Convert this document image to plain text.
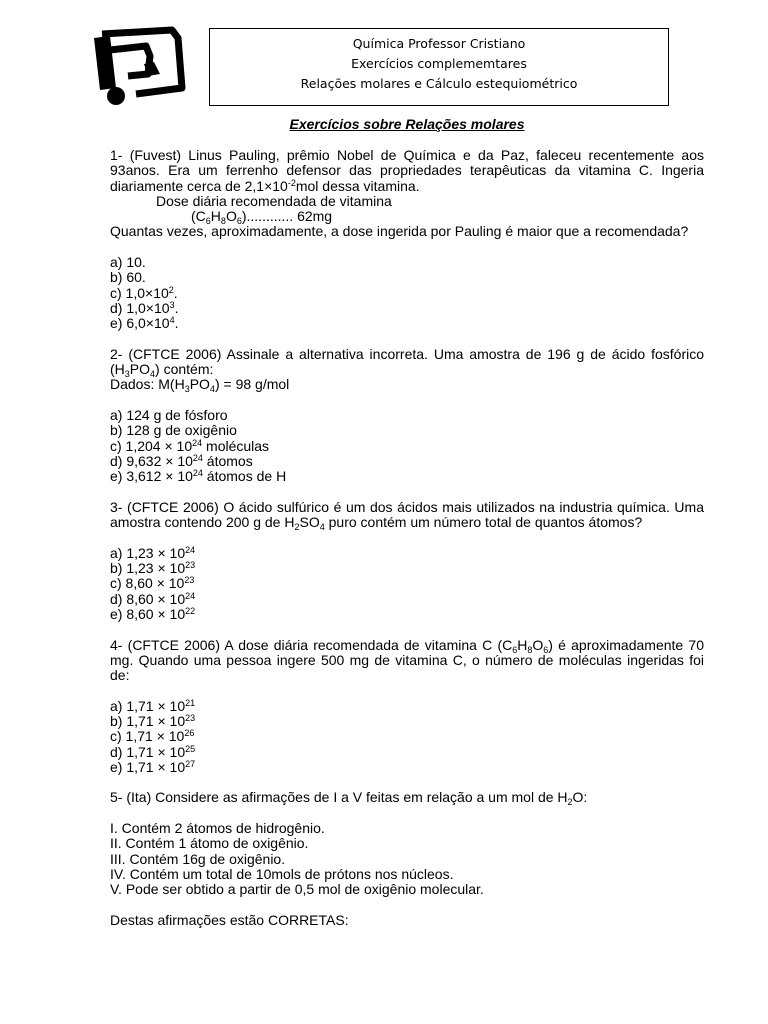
Química Professor Cristiano
Exercícios complememtares
Relações molares e Cálculo estequiométrico
Exercícios sobre Relações molares

1- (Fuvest) Linus Pauling, prêmio Nobel de Química e da Paz, faleceu recentemente aos 93anos. Era um ferrenho defensor das propriedades terapêuticas da vitamina C. Ingeria diariamente cerca de $2,1\times 10^{-2}mol$ dessa vitamina.

Dose diária recomendada de vitamina

$(C_6H_8O_6)$............ 62mg

Quantas vezes, aproximadamente, a dose ingerida por Pauling é maior que a recomendada?

a) 10.

b) 60.

c) $1,0\times 10^2$.

d) $1,0\times 10^3$.

e) $6,0\times 10^4$.

2- (CFTCE 2006) Assinale a alternativa incorreta. Uma amostra de 196 g de ácido fosfórico $(H_3PO_4)$ contém:

Dados: $M(H_3PO_4) = 98$ g/mol

a) 124 g de fósforo

b) 128 g de oxigênio

c) $1,204 \times 10^{24}$ moléculas

d) $9,632 \times 10^{24}$ átomos

e) $3,612 \times 10^{24}$ átomos de H

3- (CFTCE 2006) O ácido sulfúrico é um dos ácidos mais utilizados na industria química. Uma amostra contendo 200 g de $H_2SO_4$ puro contém um número total de quantos átomos?

a) $1,23 \times 10^{24}$

b) $1,23 \times 10^{23}$

c) $8,60 \times 10^{23}$

d) $8,60 \times 10^{24}$

e) $8,60 \times 10^{22}$

4- (CFTCE 2006) A dose diária recomendada de vitamina C $(C_6H_8O_6)$ é aproximadamente 70 mg. Quando uma pessoa ingere 500 mg de vitamina C, o número de moléculas ingeridas foi de:

a) $1,71 \times 10^{21}$

b) $1,71 \times 10^{23}$

c) $1,71 \times 10^{26}$

d) $1,71 \times 10^{25}$

e) $1,71 \times 10^{27}$

5- (Ita) Considere as afirmações de I a V feitas em relação a um mol de $H_2O$:

I. Contém 2 átomos de hidrogênio.

II. Contém 1 átomo de oxigênio.

III. Contém 16g de oxigênio.

IV. Contém um total de 10mols de prótons nos núcleos.

V. Pode ser obtido a partir de 0,5 mol de oxigênio molecular.

Destas afirmações estão CORRETAS:
